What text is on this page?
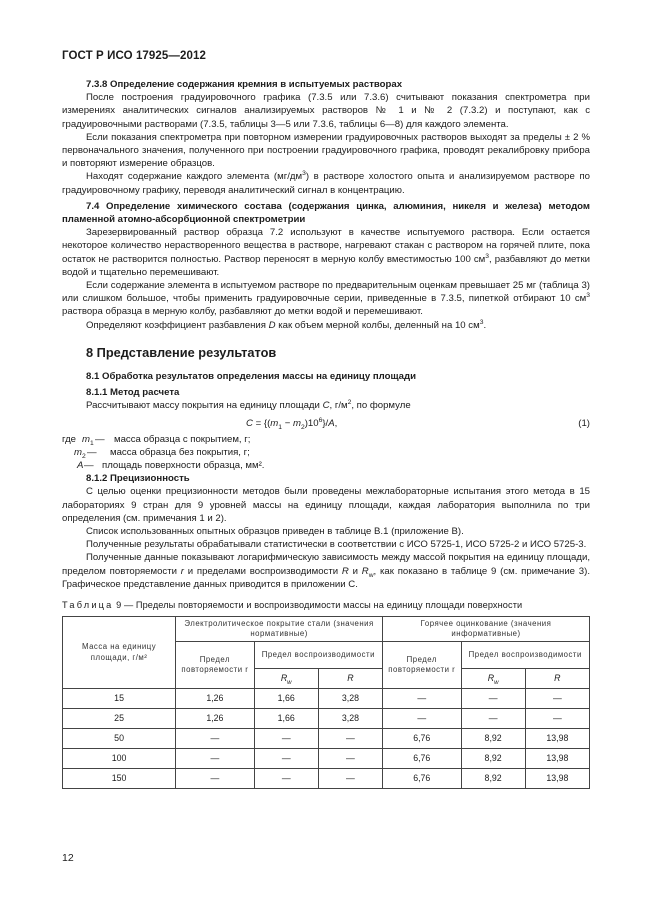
ГОСТ Р ИСО 17925—2012

7.3.8 Определение содержания кремния в испытуемых растворах

После построения градуировочного графика (7.3.5 или 7.3.6) считывают показания спектрометра при измерениях аналитических сигналов анализируемых растворов № 1 и № 2 (7.3.2) и поступают, как с градуировочными растворами (7.3.5, таблицы 3—5 или 7.3.6, таблицы 6—8) для каждого элемента.

Если показания спектрометра при повторном измерении градуировочных растворов выходят за пределы ± 2 % первоначального значения, полученного при построении градуировочного графика, проводят рекалибровку прибора и повторяют измерение образцов.

Находят содержание каждого элемента $(мг/дм^3)$ в растворе холостого опыта и анализируемом растворе по градуировочному графику, переводя аналитический сигнал в концентрацию.

7.4 Определение химического состава (содержания цинка, алюминия, никеля и железа) методом пламенной атомно-абсорбционной спектрометрии

Зарезервированный раствор образца 7.2 используют в качестве испытуемого раствора. Если остается некоторое количество нерастворенного вещества в растворе, нагревают стакан с раствором на горячей плите, пока остаток не растворится полностью. Раствор переносят в мерную колбу вместимостью 100 $см^3$, разбавляют до метки водой и тщательно перемешивают.

Если содержание элемента в испытуемом растворе по предварительным оценкам превышает 25 мг (таблица 3) или слишком большое, чтобы применить градуировочные серии, приведенные в 7.3.5, пипеткой отбирают 10 $см^3$ раствора образца в мерную колбу, разбавляют до метки водой и перемешивают.

Определяют коэффициент разбавления D как объем мерной колбы, деленный на 10 $см^3$.

8 Представление результатов

8.1 Обработка результатов определения массы на единицу площади

8.1.1 Метод расчета

Рассчитывают массу покрытия на единицу площади C, $г/м^2$, по формуле

$C = \{(m_1 - m_2)10^6\}/A$,	(1)
где $m_1$ — масса образца с покрытием, г;
$m_2$ — масса образца без покрытия, г;
A — площадь поверхности образца, мм².

8.1.2 Прецизионность

С целью оценки прецизионности методов были проведены межлабораторные испытания этого метода в 15 лабораториях 9 стран для 9 уровней массы на единицу площади, каждая лаборатория выполнила по три определения (см. примечания 1 и 2).

Список использованных опытных образцов приведен в таблице В.1 (приложение В).

Полученные результаты обрабатывали статистически в соответствии с ИСО 5725-1, ИСО 5725-2 и ИСО 5725-3.

Полученные данные показывают логарифмическую зависимость между массой покрытия на единицу площади, пределом повторяемости r и пределами воспроизводимости R и $R_w$, как показано в таблице 9 (см. примечание 3). Графическое представление данных приводится в приложении С.

Таблица 9 — Пределы повторяемости и воспроизводимости массы на единицу площади поверхности
Масса на единицу площади, г/м²	Электролитическое покрытие стали (значения нормативные)			Горячее оцинкование (значения информативные)		
	Предел повторяемости r	Предел воспроизводимости		Предел повторяемости r	Предел воспроизводимости	
		$R_w$	R		$R_w$	R
15	1,26	1,66	3,28	—	—	—
25	1,26	1,66	3,28	—	—	—
50	—	—	—	6,76	8,92	13,98
100	—	—	—	6,76	8,92	13,98
150	—	—	—	6,76	8,92	13,98
12
